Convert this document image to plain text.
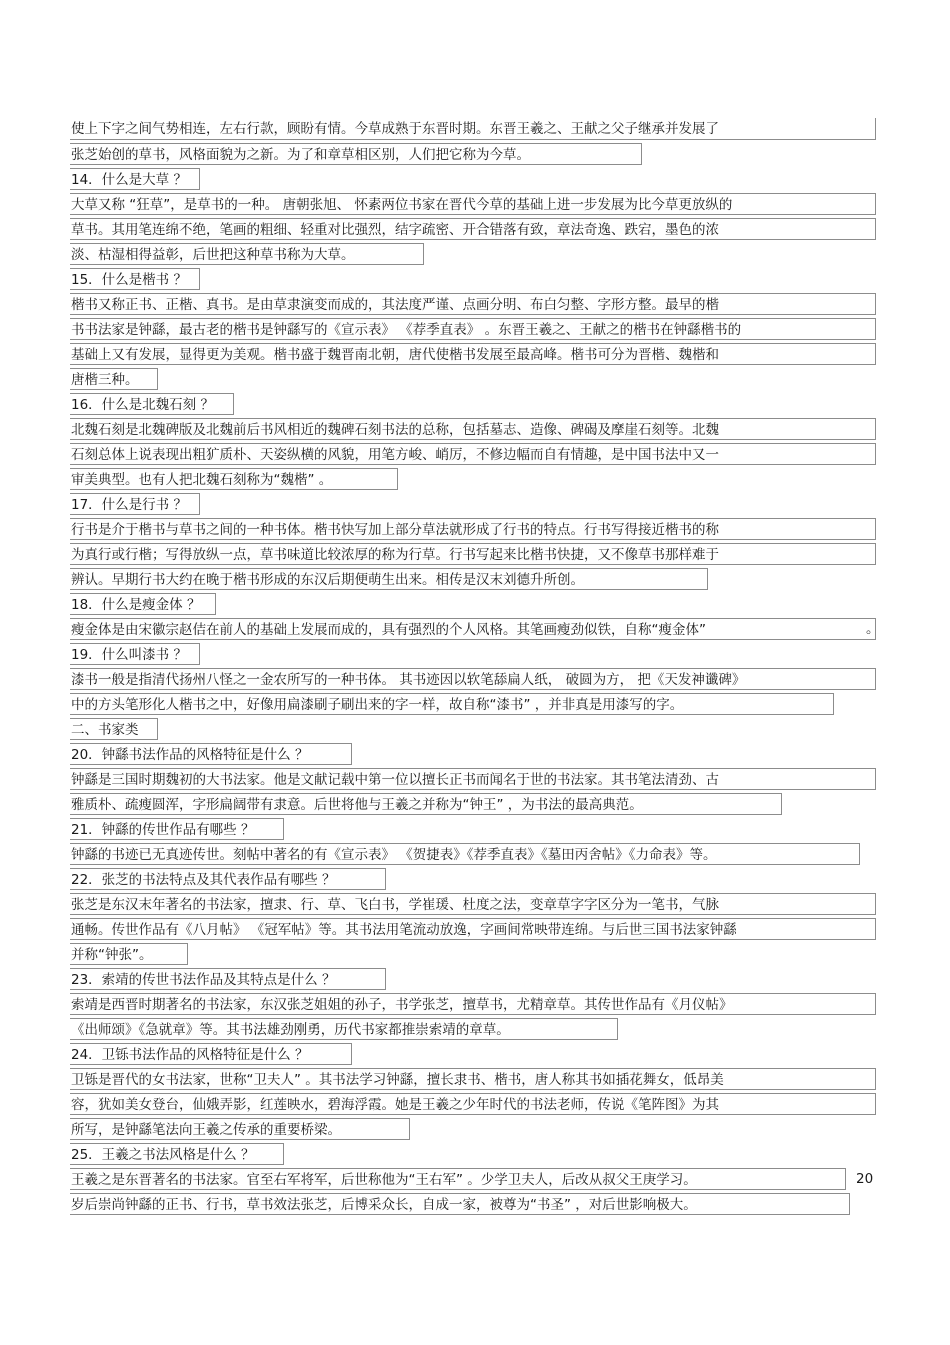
使上下字之间气势相连，左右行款，顾盼有情。今草成熟于东晋时期。东晋王羲之、王献之父子继承并发展了
张芝始创的草书，风格面貌为之新。为了和章草相区别，人们把它称为今草。
14．什么是大草 ？
大草又称 “狂草”，是草书的一种。 唐朝张旭、 怀素两位书家在晋代今草的基础上进一步发展为比今草更放纵的
草书。其用笔连绵不绝，笔画的粗细、轻重对比强烈，结字疏密、开合错落有致，章法奇逸、跌宕，墨色的浓
淡、枯湿相得益彰，后世把这种草书称为大草。
15．什么是楷书 ？
楷书又称正书、正楷、真书。是由草隶演变而成的，其法度严谨、点画分明、布白匀整、字形方整。最早的楷
书书法家是钟繇，最古老的楷书是钟繇写的《宣示表》 《荐季直表》 。东晋王羲之、王献之的楷书在钟繇楷书的
基础上又有发展，显得更为美观。楷书盛于魏晋南北朝，唐代使楷书发展至最高峰。楷书可分为晋楷、魏楷和
唐楷三种。
16．什么是北魏石刻 ？
北魏石刻是北魏碑版及北魏前后书风相近的魏碑石刻书法的总称，包括墓志、造像、碑碣及摩崖石刻等。北魏
石刻总体上说表现出粗犷质朴、天姿纵横的风貌，用笔方峻、峭厉，不修边幅而自有情趣，是中国书法中又一
审美典型。也有人把北魏石刻称为“魏楷” 。
17．什么是行书 ？
行书是介于楷书与草书之间的一种书体。楷书快写加上部分草法就形成了行书的特点。行书写得接近楷书的称
为真行或行楷；写得放纵一点，草书味道比较浓厚的称为行草。行书写起来比楷书快捷，又不像草书那样难于
辨认。早期行书大约在晚于楷书形成的东汉后期便萌生出来。相传是汉末刘德升所创。
18．什么是瘦金体 ？
瘦金体是由宋徽宗赵佶在前人的基础上发展而成的，具有强烈的个人风格。其笔画瘦劲似铁，自称“瘦金体”	。
19．什么叫漆书 ？
漆书一般是指清代扬州八怪之一金农所写的一种书体。 其书迹因以软笔舔扁人纸， 破圆为方， 把《天发神谶碑》
中的方头笔形化人楷书之中，好像用扁漆刷子刷出来的字一样，故自称“漆书” ，并非真是用漆写的字。
二、书家类
20．钟繇书法作品的风格特征是什么 ？
钟繇是三国时期魏初的大书法家。他是文献记载中第一位以擅长正书而闻名于世的书法家。其书笔法清劲、古
雅质朴、疏瘦圆浑，字形扁阔带有隶意。后世将他与王羲之并称为“钟王” ，为书法的最高典范。
21．钟繇的传世作品有哪些 ？
钟繇的书迹已无真迹传世。刻帖中著名的有《宣示表》 《贺捷表》《荐季直表》《墓田丙舍帖》《力命表》等。
22．张芝的书法特点及其代表作品有哪些 ？
张芝是东汉末年著名的书法家，擅隶、行、草、飞白书，学崔瑗、杜度之法，变章草字字区分为一笔书，气脉
通畅。传世作品有《八月帖》 《冠军帖》等。其书法用笔流动放逸，字画间常映带连绵。与后世三国书法家钟繇
并称“钟张”。
23．索靖的传世书法作品及其特点是什么 ？
索靖是西晋时期著名的书法家，东汉张芝姐姐的孙子，书学张芝，擅草书，尤精章草。其传世作品有《月仪帖》
《出师颂》《急就章》等。其书法雄劲刚勇，历代书家都推崇索靖的章草。
24．卫铄书法作品的风格特征是什么 ？
卫铄是晋代的女书法家，世称“卫夫人” 。其书法学习钟繇，擅长隶书、楷书，唐人称其书如插花舞女，低昂美
容，犹如美女登台，仙娥弄影，红莲映水，碧海浮霞。她是王羲之少年时代的书法老师，传说《笔阵图》为其
所写，是钟繇笔法向王羲之传承的重要桥梁。
25．王羲之书法风格是什么 ？
王羲之是东晋著名的书法家。官至右军将军，后世称他为“王右军” 。少学卫夫人，后改从叔父王庚学习。	20
岁后崇尚钟繇的正书、行书，草书效法张芝，后博采众长，自成一家，被尊为“书圣” ，对后世影响极大。
